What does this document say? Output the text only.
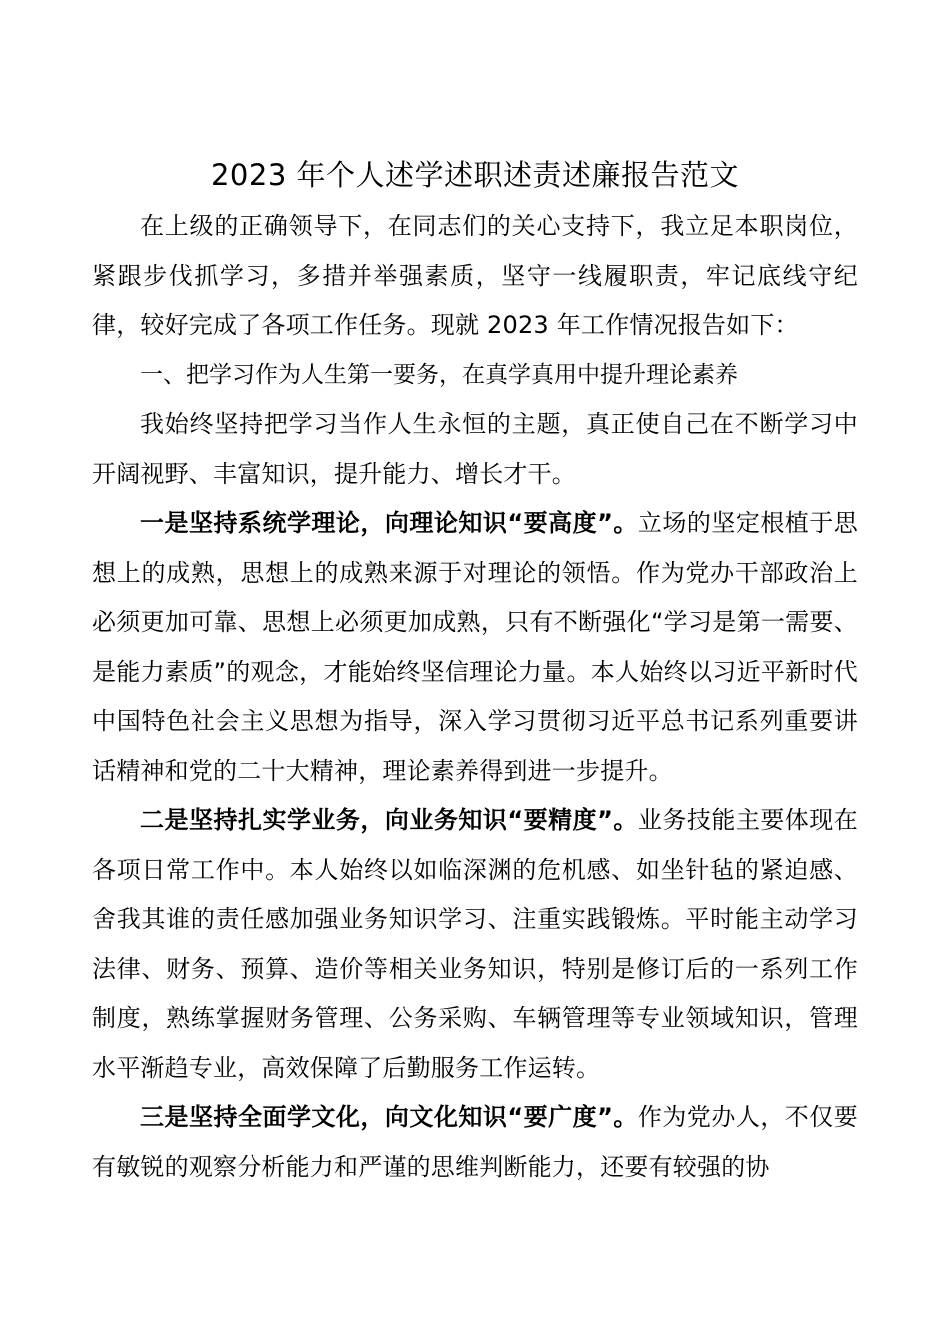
2023 年个人述学述职述责述廉报告范文

在上级的正确领导下，在同志们的关心支持下，我立足本职岗位，紧跟步伐抓学习，多措并举强素质，坚守一线履职责，牢记底线守纪律，较好完成了各项工作任务。现就 2023 年工作情况报告如下：

一、把学习作为人生第一要务，在真学真用中提升理论素养

我始终坚持把学习当作人生永恒的主题，真正使自己在不断学习中开阔视野、丰富知识，提升能力、增长才干。

一是坚持系统学理论，向理论知识“要高度”。立场的坚定根植于思想上的成熟，思想上的成熟来源于对理论的领悟。作为党办干部政治上必须更加可靠、思想上必须更加成熟，只有不断强化“学习是第一需要、是能力素质”的观念，才能始终坚信理论力量。本人始终以习近平新时代中国特色社会主义思想为指导，深入学习贯彻习近平总书记系列重要讲话精神和党的二十大精神，理论素养得到进一步提升。

二是坚持扎实学业务，向业务知识“要精度”。业务技能主要体现在各项日常工作中。本人始终以如临深渊的危机感、如坐针毡的紧迫感、舍我其谁的责任感加强业务知识学习、注重实践锻炼。平时能主动学习法律、财务、预算、造价等相关业务知识，特别是修订后的一系列工作制度，熟练掌握财务管理、公务采购、车辆管理等专业领域知识，管理水平渐趋专业，高效保障了后勤服务工作运转。

三是坚持全面学文化，向文化知识“要广度”。作为党办人，不仅要有敏锐的观察分析能力和严谨的思维判断能力，还要有较强的协
